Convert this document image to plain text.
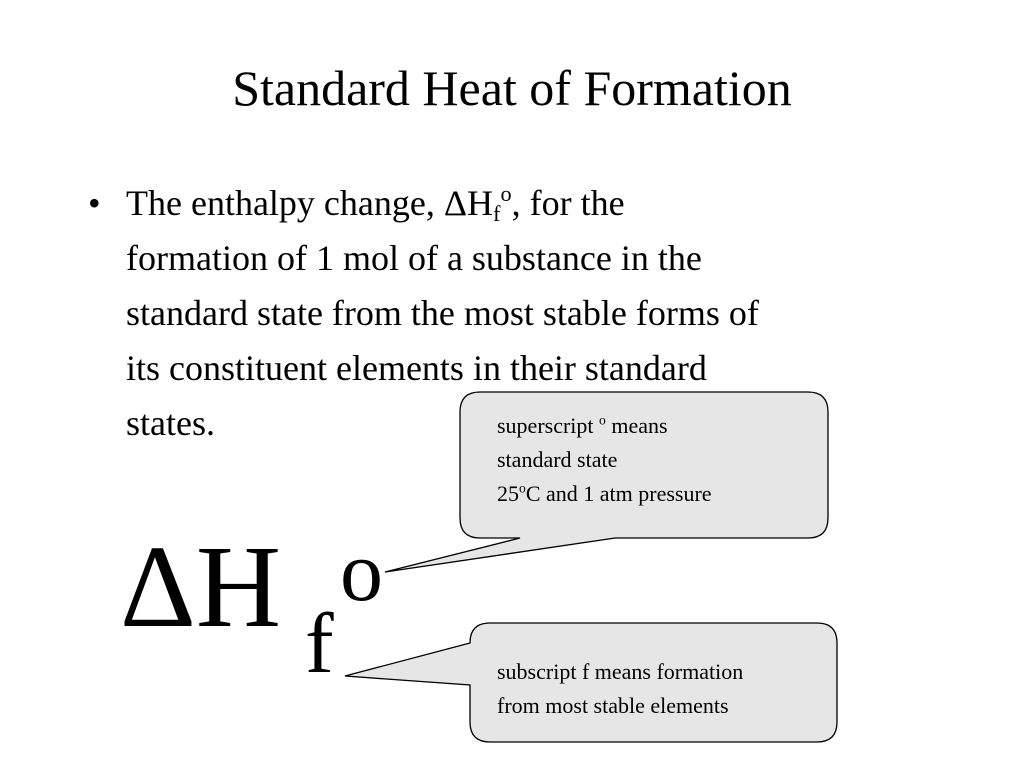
Standard Heat of Formation
• The enthalpy change, $\Delta H_f^o$, for the
formation of 1 mol of a substance in the
standard state from the most stable forms of
its constituent elements in their standard
states.	superscript $^o$ means
standard state
25$^o$C and 1 atm pressure
subscript f means formation
from most stable elements
ΔH f
o
